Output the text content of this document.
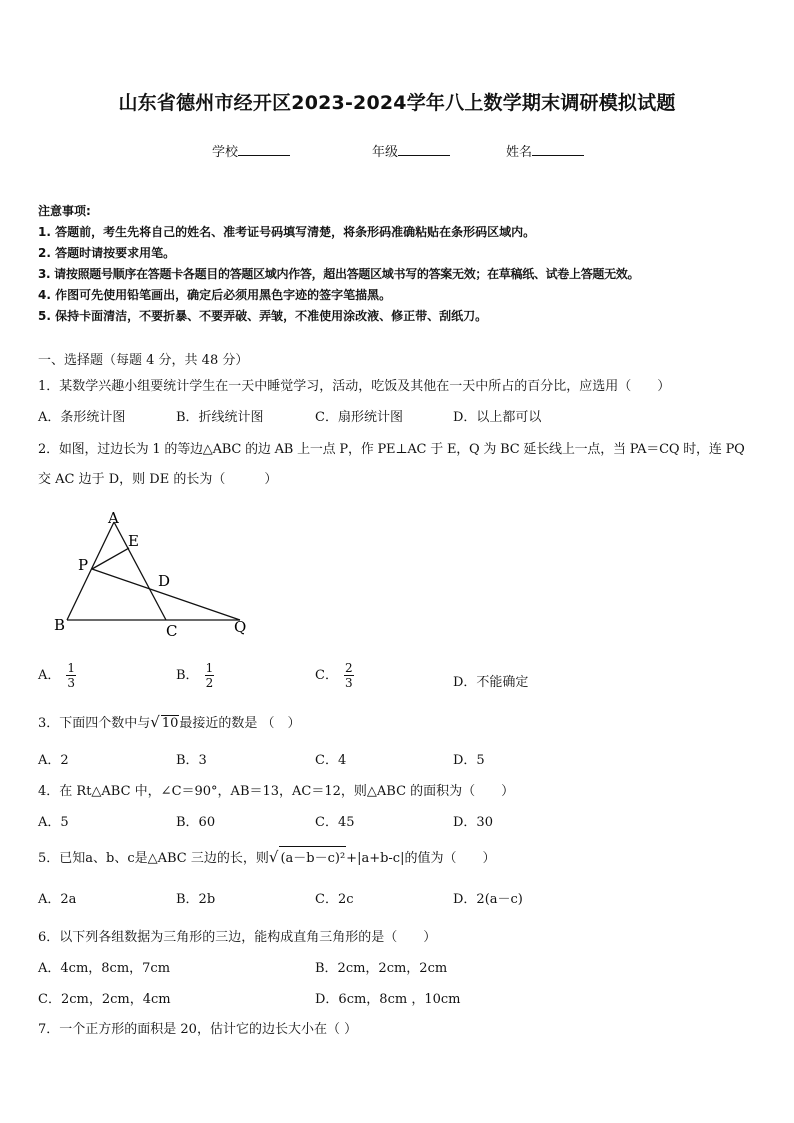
山东省德州市经开区2023-2024学年八上数学期末调研模拟试题
学校	年级	姓名
注意事项:
1. 答题前，考生先将自己的姓名、准考证号码填写清楚，将条形码准确粘贴在条形码区域内。
2. 答题时请按要求用笔。
3. 请按照题号顺序在答题卡各题目的答题区域内作答，超出答题区域书写的答案无效；在草稿纸、试卷上答题无效。
4. 作图可先使用铅笔画出，确定后必须用黑色字迹的签字笔描黑。
5. 保持卡面清洁，不要折暴、不要弄破、弄皱，不准使用涂改液、修正带、刮纸刀。
一、选择题（每题 4 分，共 48 分）
1．某数学兴趣小组要统计学生在一天中睡觉学习，活动，吃饭及其他在一天中所占的百分比，应选用（　　）
A．条形统计图	B．折线统计图	C．扇形统计图	D．以上都可以
2．如图，过边长为 1 的等边△ABC 的边 AB 上一点 P，作 PE⊥AC 于 E，Q 为 BC 延长线上一点，当 PA＝CQ 时，连 PQ
交 AC 边于 D，则 DE 的长为（　　　）
A
E
P
D
B	C	Q
A． $\frac{1}{3}$	B． $\frac{1}{2}$	C． $\frac{2}{3}$	D．不能确定
3．下面四个数中与√ 10最接近的数是 （　）
A．2	B．3	C．4	D．5
4．在 Rt△ABC 中，∠C＝90°，AB＝13，AC＝12，则△ABC 的面积为（　　）
A．5	B．60	C．45	D．30
5．已知a、b、c是△ABC 三边的长，则√ (a－b－c)²+|a+b-c|的值为（　　）
A．2a	B．2b	C．2c	D．2(a－c)
6．以下列各组数据为三角形的三边，能构成直角三角形的是（　　）
A．4cm，8cm，7cm	B．2cm，2cm，2cm
C．2cm，2cm，4cm	D．6cm，8cm ，10cm
7．一个正方形的面积是 20，估计它的边长大小在（ ）
